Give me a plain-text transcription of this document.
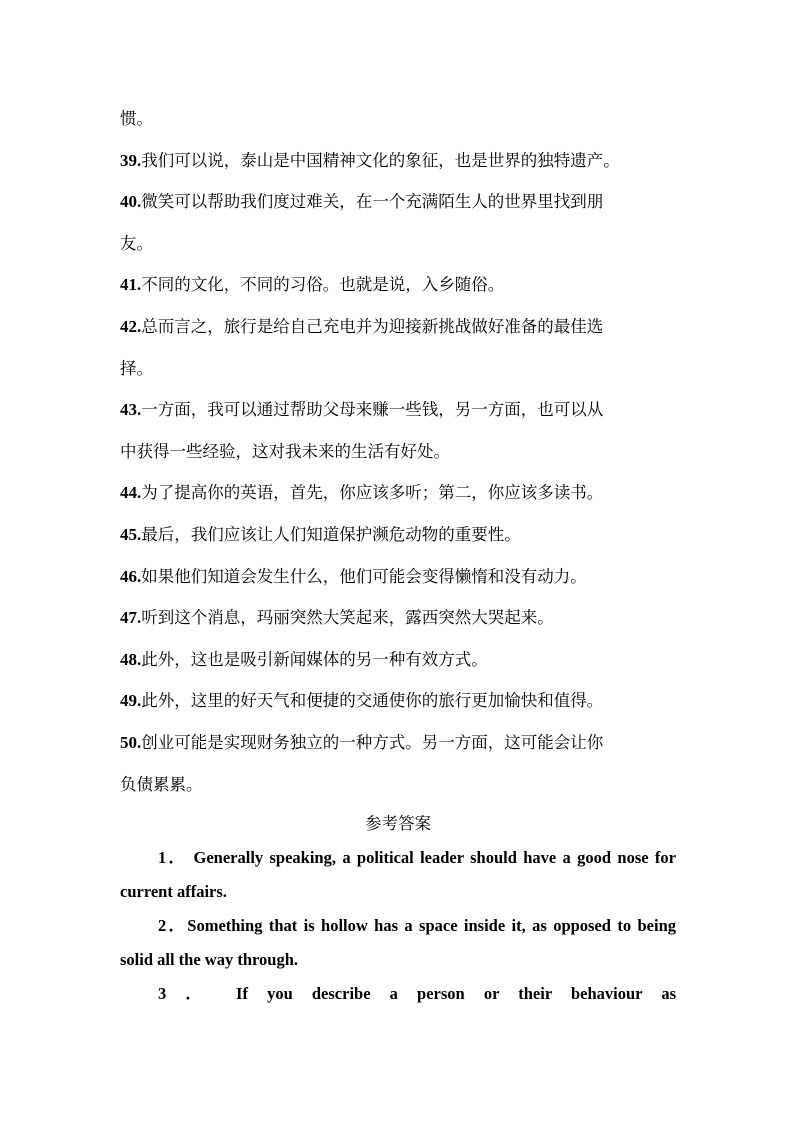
惯。

39.我们可以说，泰山是中国精神文化的象征，也是世界的独特遗产。

40.微笑可以帮助我们度过难关，在一个充满陌生人的世界里找到朋

友。

41.不同的文化，不同的习俗。也就是说，入乡随俗。

42.总而言之，旅行是给自己充电并为迎接新挑战做好准备的最佳选

择。

43.一方面，我可以通过帮助父母来赚一些钱，另一方面，也可以从

中获得一些经验，这对我未来的生活有好处。

44.为了提高你的英语，首先，你应该多听；第二，你应该多读书。

45.最后，我们应该让人们知道保护濒危动物的重要性。

46.如果他们知道会发生什么，他们可能会变得懒惰和没有动力。

47.听到这个消息，玛丽突然大笑起来，露西突然大哭起来。

48.此外，这也是吸引新闻媒体的另一种有效方式。

49.此外，这里的好天气和便捷的交通使你的旅行更加愉快和值得。

50.创业可能是实现财务独立的一种方式。另一方面，这可能会让你

负债累累。

参考答案

1． Generally speaking, a political leader should have a good nose for current affairs.

2．Something that is hollow has a space inside it, as opposed to being solid all the way through.

3 ． If you describe a person or their behaviour as
